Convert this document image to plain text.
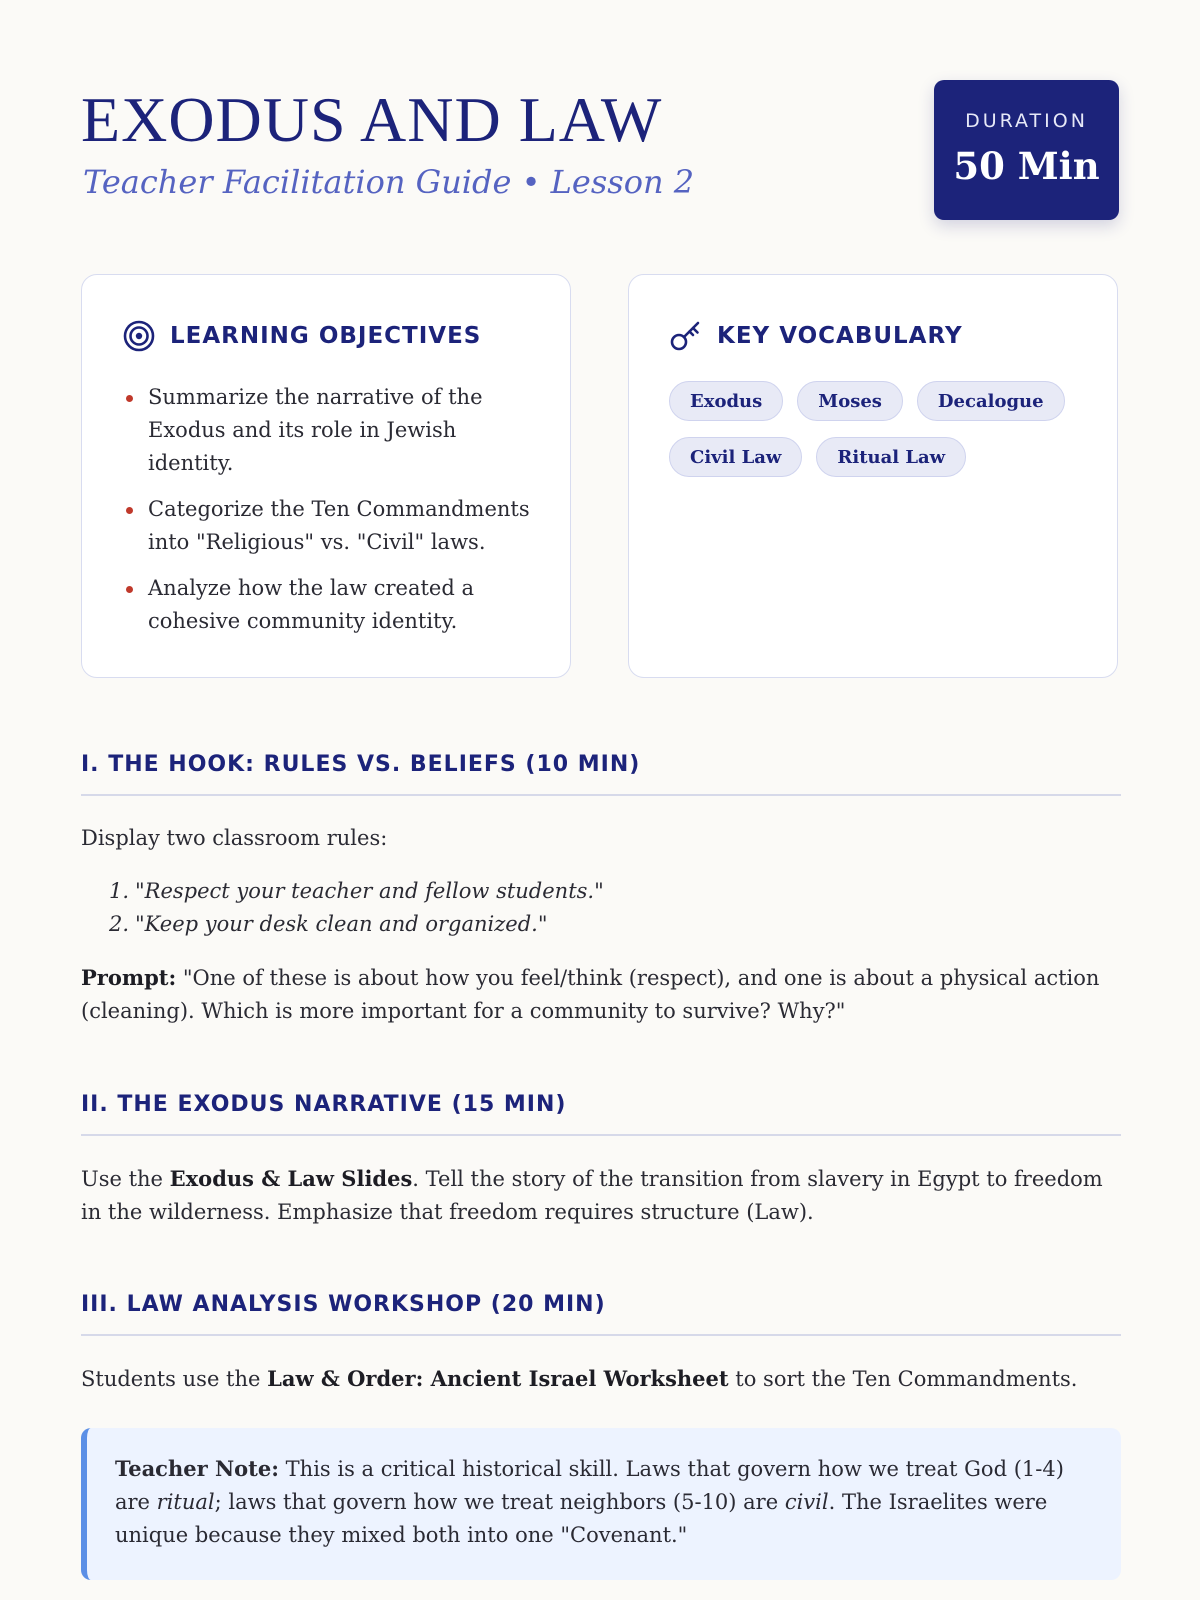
EXODUS AND LAW

Teacher Facilitation Guide • Lesson 2

DURATION
50 Min
LEARNING OBJECTIVES
Summarize the narrative of the Exodus and its role in Jewish identity.
Categorize the Ten Commandments into "Religious" vs. "Civil" laws.
Analyze how the law created a cohesive community identity.
KEY VOCABULARY
Exodus	Moses	Decalogue
Civil Law	Ritual Law
I. THE HOOK: RULES VS. BELIEFS (10 MIN)

Display two classroom rules:

1. "Respect your teacher and fellow students."
2. "Keep your desk clean and organized."

Prompt: "One of these is about how you feel/think (respect), and one is about a physical action (cleaning). Which is more important for a community to survive? Why?"

II. THE EXODUS NARRATIVE (15 MIN)

Use the Exodus & Law Slides. Tell the story of the transition from slavery in Egypt to freedom in the wilderness. Emphasize that freedom requires structure (Law).

III. LAW ANALYSIS WORKSHOP (20 MIN)

Students use the Law & Order: Ancient Israel Worksheet to sort the Ten Commandments.

Teacher Note: This is a critical historical skill. Laws that govern how we treat God (1-4) are ritual; laws that govern how we treat neighbors (5-10) are civil. The Israelites were unique because they mixed both into one "Covenant."
